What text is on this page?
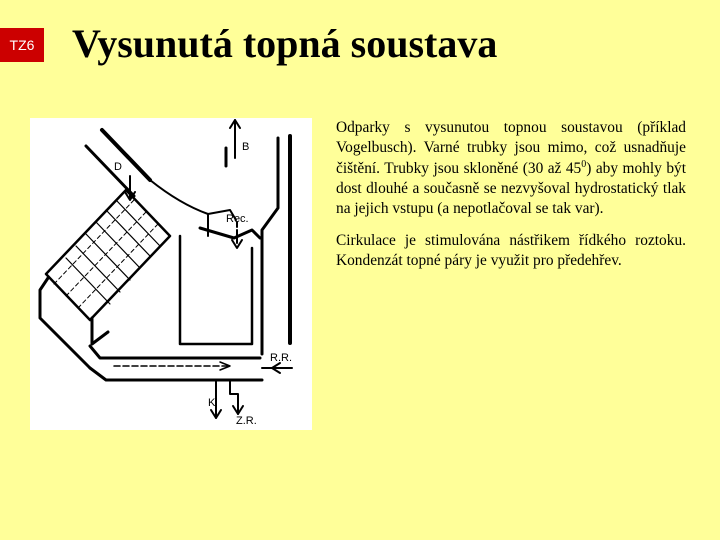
TZ6 Vysunutá topná soustava
D
B
Rec.
R.R.
K
Z.R.

Odparky s vysunutou topnou soustavou (příklad Vogelbusch). Varné trubky jsou mimo, což usnadňuje čištění. Trubky jsou skloněné (30 až $45^0$) aby mohly být dost dlouhé a současně se nezvyšoval hydrostatický tlak na jejich vstupu (a nepotlačoval se tak var).

Cirkulace je stimulována nástřikem řídkého roztoku. Kondenzát topné páry je využit pro předehřev.
